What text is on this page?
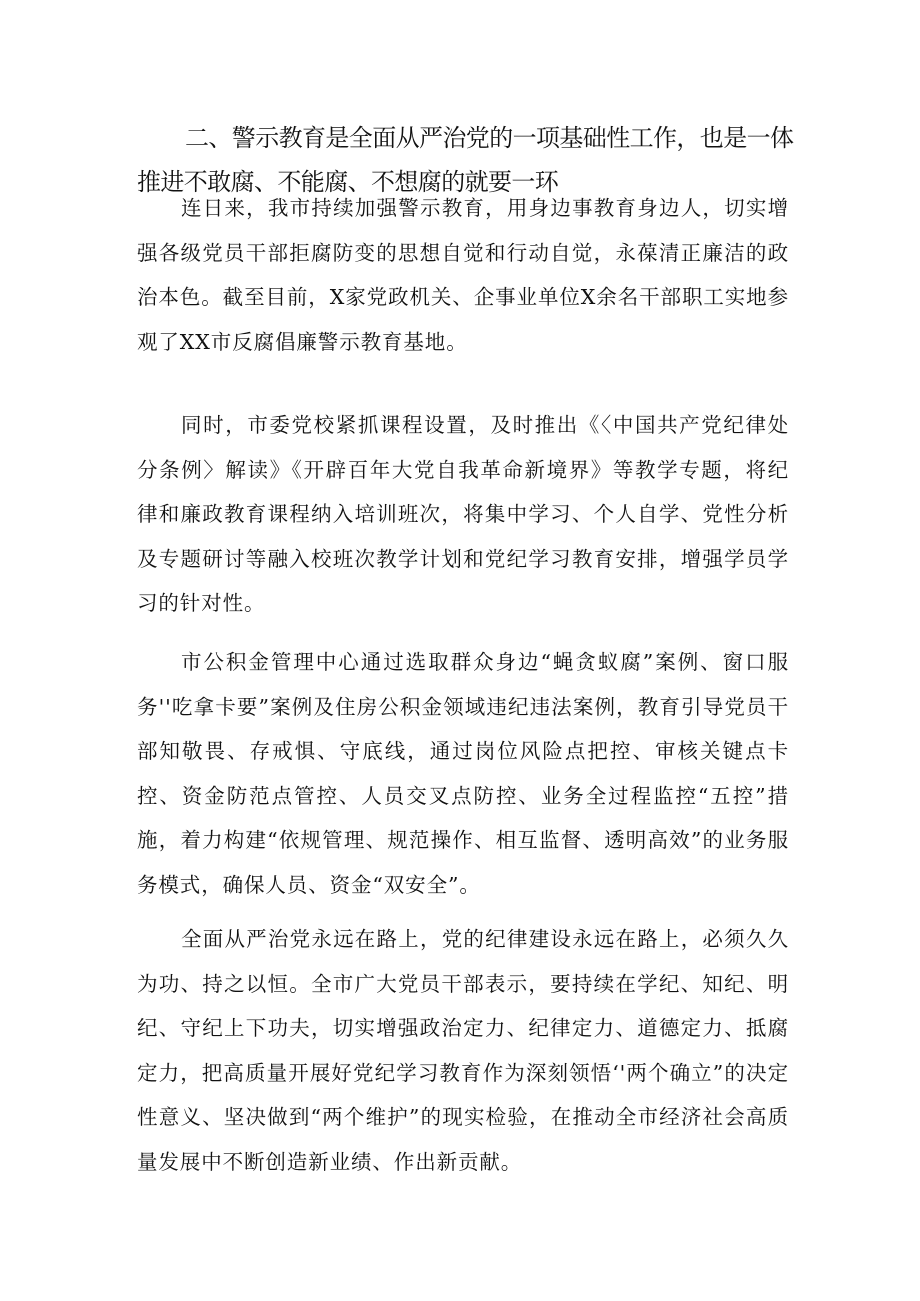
二、警示教育是全面从严治党的一项基础性工作，也是一体推进不敢腐、不能腐、不想腐的就要一环

连日来，我市持续加强警示教育，用身边事教育身边人，切实增强各级党员干部拒腐防变的思想自觉和行动自觉，永葆清正廉洁的政治本色。截至目前，X家党政机关、企事业单位X余名干部职工实地参观了XX市反腐倡廉警示教育基地。

同时，市委党校紧抓课程设置，及时推出《〈中国共产党纪律处分条例〉解读》《开辟百年大党自我革命新境界》等教学专题，将纪律和廉政教育课程纳入培训班次，将集中学习、个人自学、党性分析及专题研讨等融入校班次教学计划和党纪学习教育安排，增强学员学习的针对性。

市公积金管理中心通过选取群众身边“蝇贪蚁腐”案例、窗口服务''吃拿卡要”案例及住房公积金领域违纪违法案例，教育引导党员干部知敬畏、存戒惧、守底线，通过岗位风险点把控、审核关键点卡控、资金防范点管控、人员交叉点防控、业务全过程监控“五控”措施，着力构建“依规管理、规范操作、相互监督、透明高效”的业务服务模式，确保人员、资金“双安全”。

全面从严治党永远在路上，党的纪律建设永远在路上，必须久久为功、持之以恒。全市广大党员干部表示，要持续在学纪、知纪、明纪、守纪上下功夫，切实增强政治定力、纪律定力、道德定力、抵腐定力，把高质量开展好党纪学习教育作为深刻领悟‘'两个确立”的决定性意义、坚决做到“两个维护”的现实检验，在推动全市经济社会高质量发展中不断创造新业绩、作出新贡献。
